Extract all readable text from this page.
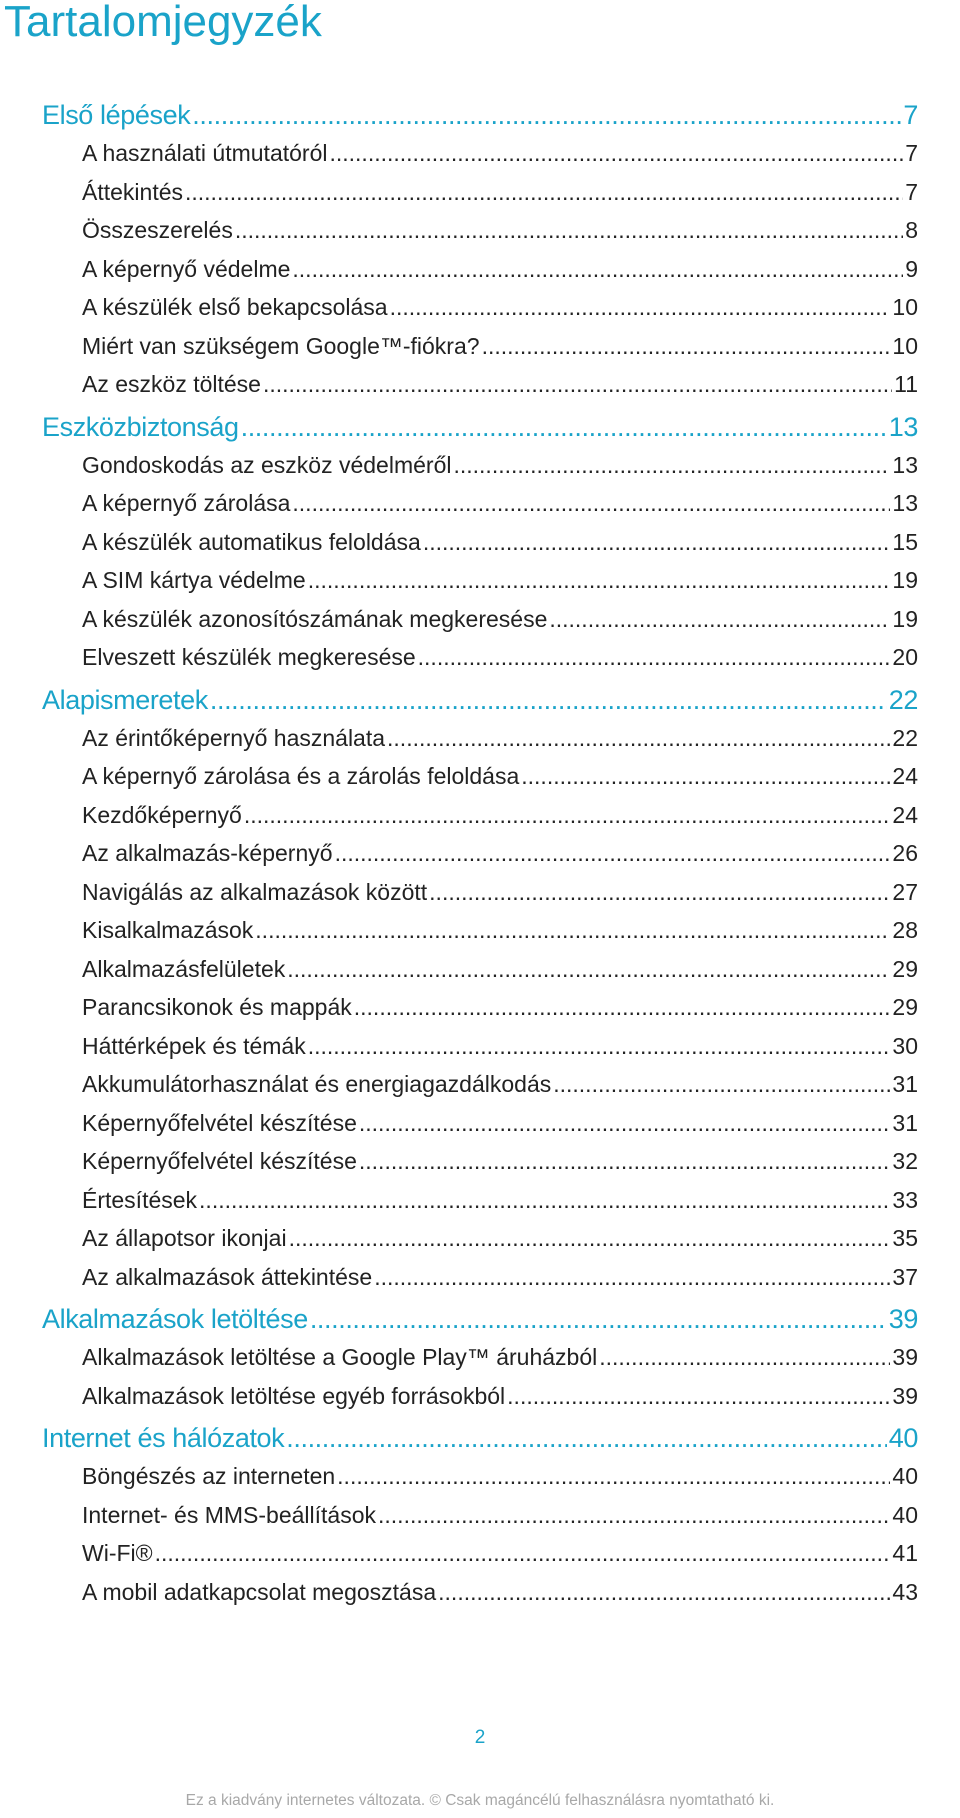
Tartalomjegyzék
Első lépések .....	7
A használati útmutatóról .....	7
Áttekintés .....	7
Összeszerelés .....	8
A képernyő védelme .....	9
A készülék első bekapcsolása .....	10
Miért van szükségem Google™-fiókra? .....	10
Az eszköz töltése .....	11
Eszközbiztonság .....	13
Gondoskodás az eszköz védelméről .....	13
A képernyő zárolása .....	13
A készülék automatikus feloldása .....	15
A SIM kártya védelme .....	19
A készülék azonosítószámának megkeresése .....	19
Elveszett készülék megkeresése .....	20
Alapismeretek .....	22
Az érintőképernyő használata .....	22
A képernyő zárolása és a zárolás feloldása .....	24
Kezdőképernyő .....	24
Az alkalmazás-képernyő .....	26
Navigálás az alkalmazások között .....	27
Kisalkalmazások .....	28
Alkalmazásfelületek .....	29
Parancsikonok és mappák .....	29
Háttérképek és témák .....	30
Akkumulátorhasználat és energiagazdálkodás .....	31
Képernyőfelvétel készítése .....	31
Képernyőfelvétel készítése .....	32
Értesítések .....	33
Az állapotsor ikonjai .....	35
Az alkalmazások áttekintése .....	37
Alkalmazások letöltése .....	39
Alkalmazások letöltése a Google Play™ áruházból .....	39
Alkalmazások letöltése egyéb forrásokból .....	39
Internet és hálózatok .....	40
Böngészés az interneten .....	40
Internet- és MMS-beállítások .....	40
Wi-Fi® .....	41
A mobil adatkapcsolat megosztása .....	43
2
Ez a kiadvány internetes változata. © Csak magáncélú felhasználásra nyomtatható ki.
